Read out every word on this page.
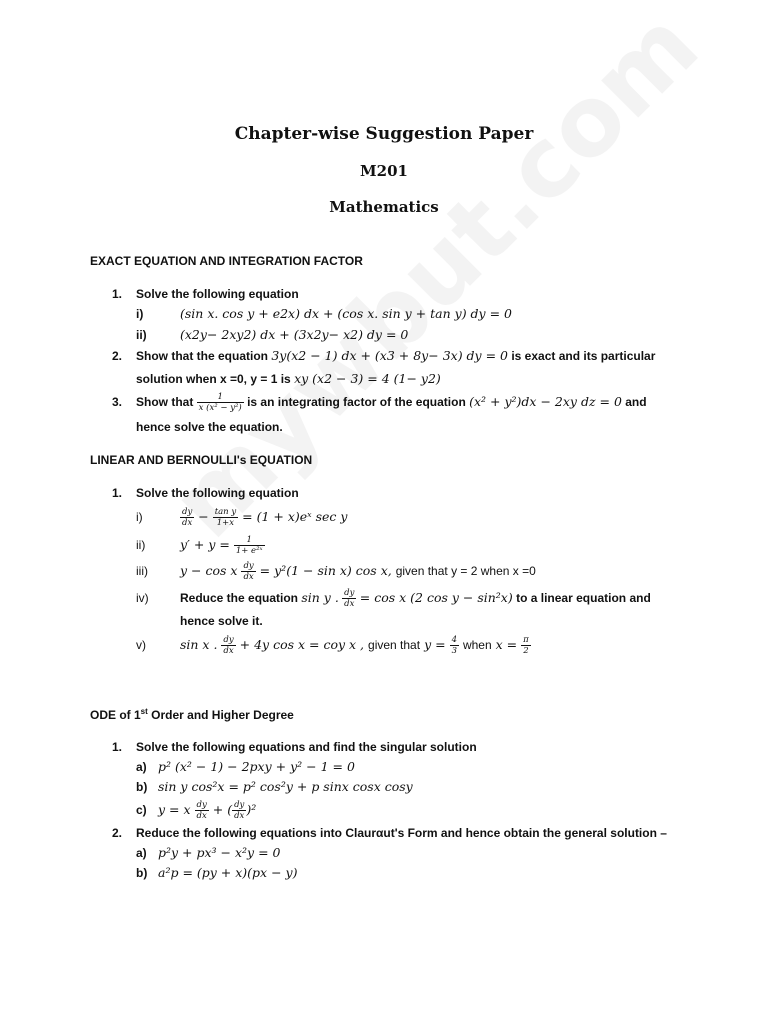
Chapter-wise Suggestion Paper
M201
Mathematics
EXACT EQUATION AND INTEGRATION FACTOR
1. Solve the following equation
i)	(sin x. cos y + e2x) dx + (cos x. sin y + tan y) dy = 0
ii)	(x2y− 2xy2) dx + (3x2y− x2) dy = 0
2. Show that the equation 3y(x2 − 1) dx + (x3 + 8y− 3x) dy = 0 is exact and its particular
solution when x =0, y = 1 is xy (x2 − 3) = 4 (1− y2)
3. Show that $\frac{1}{\text{x (x² − y²)}}$ is an integrating factor of the equation (x² + y²)dx − 2xy dz = 0 and
hence solve the equation.
LINEAR AND BERNOULLI's EQUATION
1. Solve the following equation
i)	$\frac{dy}{dx} - \frac{\text{tan y}}{1+x} = (1$ + x)eˣ sec y
ii)	$y' + y = \frac{1}{\text{1+ e²ˣ}}$
iii)	y − cos x $\frac{dy}{dx} = y^2(1 - \sin x)$ cos x, given that y = 2 when x =0
iv)	Reduce the equation sin y . $\frac{dy}{dx} = \cos x$ (2 cos y − sin²x) to a linear equation and
hence solve it.
v)	sin x . $\frac{dy}{dx} + 4y$ cos x = coy x , given that $y = \frac{4}{3}$ when $x = \frac{\pi}{2}$
ODE of 1st Order and Higher Degree
1. Solve the following equations and find the singular solution
a) p² (x² − 1) − 2pxy + y² − 1 = 0
b) sin y cos²x = p² cos²y + p sinx cosx cosy
c) y = x $\frac{dy}{dx}$ + ( $\frac{dy}{dx} )^2$
2. Reduce the following equations into Claurαut's Form and hence obtain the general solution –
a) p²y + px³ − x²y = 0
b) a²p = (py + x)(px − y)
